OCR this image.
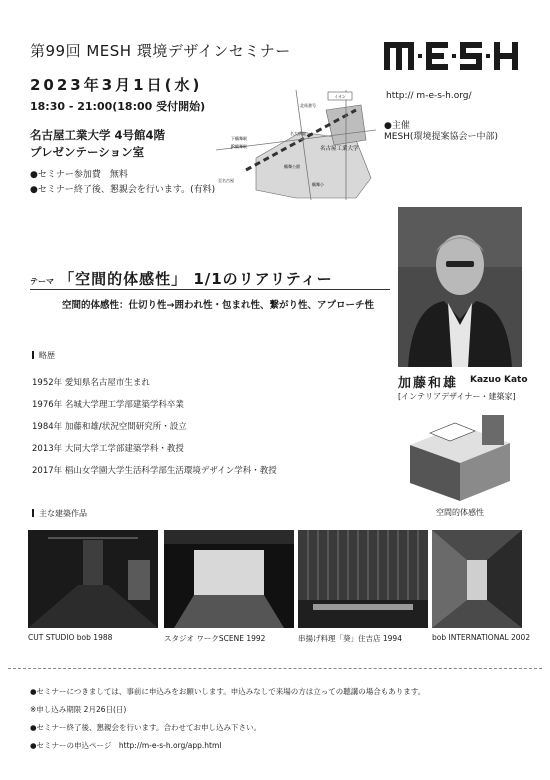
第99回 MESH 環境デザインセミナー
2023年3月1日(水)
18:30 - 21:00(18:00 受付開始)
名古屋工業大学 4号館4階
プレゼンテーション室
●セミナー参加費　無料
●セミナー終了後、懇親会を行います。(有料)
http:// m-e-s-h.org/
●主催
MESH(環境提案協会ー中部)
イオン
北馬書号
名古屋工業大学
名大病院
下鶴舞駅
JR鶴舞駅
鶴舞公園
鶴舞小
至名古屋
加藤和雄 Kazuo Kato
[インテリアデザイナー・建築家]
テーマ 「空間的体感性」 1/1のリアリティー
空間的体感性：仕切り性→囲われ性・包まれ性、繋がり性、アプローチ性
略歴
1952年 愛知県名古屋市生まれ
1976年 名城大学理工学部建築学科卒業
1984年 加藤和雄/状況空間研究所・設立
2013年 大同大学工学部建築学科・教授
2017年 椙山女学園大学生活科学部生活環境デザイン学科・教授
空間的体感性
主な建築作品
CUT STUDIO bob 1988	スタジオ ワークSCENE 1992	串揚げ料理「葵」住吉店 1994	bob INTERNATIONAL 2002
●セミナーにつきましては、事前に申込みをお願いします。申込みなしで来場の方は立っての聴講の場合もあります。
※申し込み期限 2月26日(日)
●セミナー終了後、懇親会を行います。合わせてお申し込み下さい。
●セミナーの申込ページ　http://m-e-s-h.org/app.html
